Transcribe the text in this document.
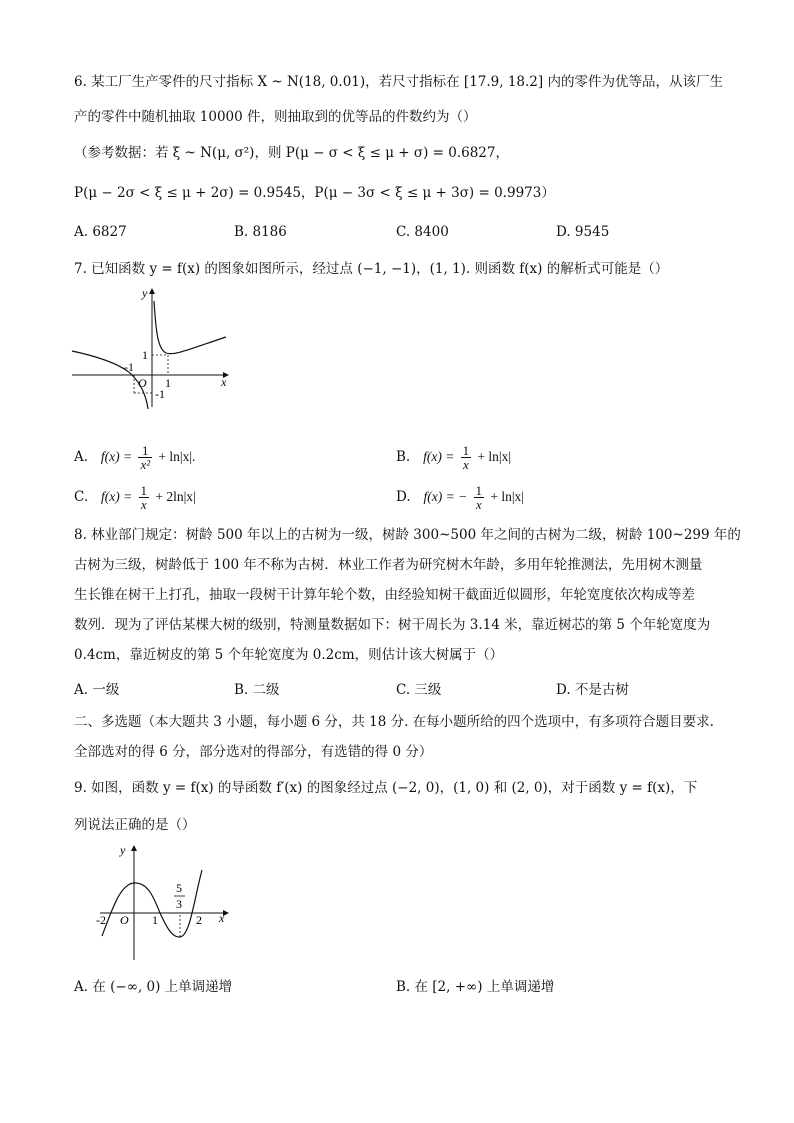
6. 某工厂生产零件的尺寸指标 X ~ N(18, 0.01)，若尺寸指标在 [17.9, 18.2] 内的零件为优等品，从该厂生
产的零件中随机抽取 10000 件，则抽取到的优等品的件数约为（）
（参考数据：若 ξ ~ N(μ, σ²)，则 P(μ − σ < ξ ≤ μ + σ) = 0.6827，
P(μ − 2σ < ξ ≤ μ + 2σ) = 0.9545，P(μ − 3σ < ξ ≤ μ + 3σ) = 0.9973）
A. 6827	B. 8186	C. 8400	D. 9545
7. 已知函数 y = f(x) 的图象如图所示，经过点 (−1, −1)，(1, 1). 则函数 f(x) 的解析式可能是（）
y
x
1
-1
-1
O 1
A. $f(x) = \frac{1}{\text{x²}} + \ln|x|$.	B. $f(x) = \frac{1}{x} + \ln|x|$
C. $f(x) = \frac{1}{x} + 2\ln|x|$	D. f(x) = − $\frac{1}{x} + \ln|x|$
8. 林业部门规定：树龄 500 年以上的古树为一级，树龄 300~500 年之间的古树为二级，树龄 100~299 年的
古树为三级，树龄低于 100 年不称为古树．林业工作者为研究树木年龄，多用年轮推测法，先用树木测量
生长锥在树干上打孔，抽取一段树干计算年轮个数，由经验知树干截面近似圆形，年轮宽度依次构成等差
数列．现为了评估某棵大树的级别，特测量数据如下：树干周长为 3.14 米，靠近树芯的第 5 个年轮宽度为
0.4cm，靠近树皮的第 5 个年轮宽度为 0.2cm，则估计该大树属于（）
A. 一级	B. 二级	C. 三级	D. 不是古树
二、多选题（本大题共 3 小题，每小题 6 分，共 18 分. 在每小题所给的四个选项中，有多项符合题目要求.
全部选对的得 6 分，部分选对的得部分，有选错的得 0 分）
9. 如图，函数 y = f(x) 的导函数 f′(x) 的图象经过点 (−2, 0)，(1, 0) 和 (2, 0)，对于函数 y = f(x)，下
列说法正确的是（）
y
x
-2 O 1	2
5
3
A. 在 (−∞, 0) 上单调递增	B. 在 [2, +∞) 上单调递增
